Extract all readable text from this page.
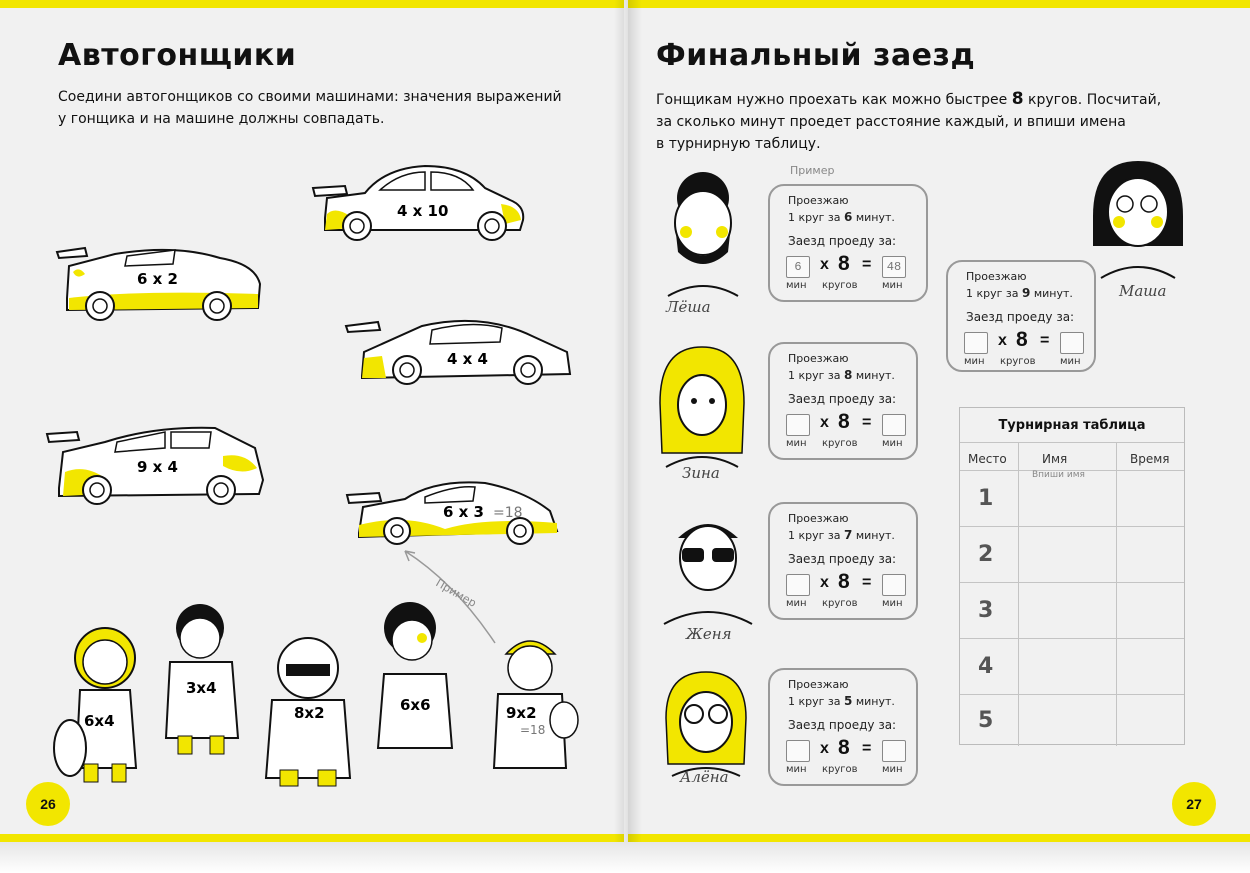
Автогонщики
Соедини автогонщиков со своими машинами: значения выражений
у гонщика и на машине должны совпадать.
4 x 10
6 x 2
4 x 4
9 x 4
6 x 3 =18
Пример
6x4
3x4
8x2	6x6	9x2
=18
26
Финальный заезд
Гонщикам нужно проехать как можно быстрее 8 кругов. Посчитай,
за сколько минут проедет расстояние каждый, и впиши имена
в турнирную таблицу.
Пример
Лёша
Маша
Зина
Женя
Алёна
Проезжаю
1 круг за 6 минут.
Заезд проеду за:
6	x 8 =	48
мин кругов мин
Проезжаю
1 круг за 9 минут.
Заезд проеду за:
x 8 =
мин кругов мин
Проезжаю
1 круг за 8 минут.
Заезд проеду за:
x 8 =
мин кругов мин
Проезжаю
1 круг за 7 минут.
Заезд проеду за:
x 8 =
мин кругов мин
Проезжаю
1 круг за 5 минут.
Заезд проеду за:
x 8 =
мин кругов мин
Турнирная таблица
Место	Имя	Время
Впиши имя
1
2
3
4
5
27
